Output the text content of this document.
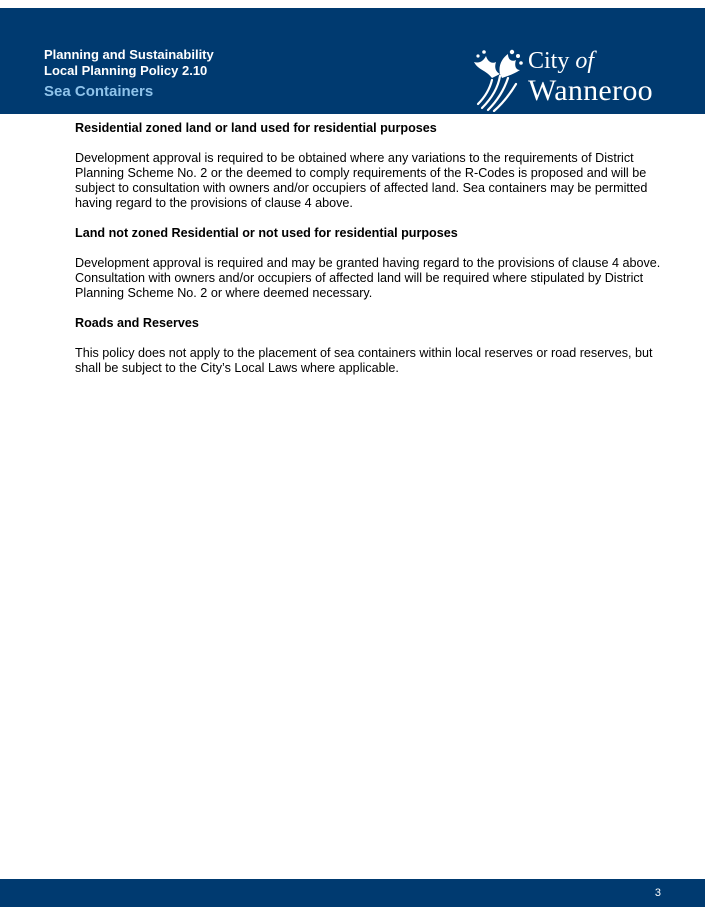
Planning and Sustainability
Local Planning Policy 2.10
Sea Containers
City of
Wanneroo

Residential zoned land or land used for residential purposes

Development approval is required to be obtained where any variations to the requirements of District Planning Scheme No. 2 or the deemed to comply requirements of the R-Codes is proposed and will be subject to consultation with owners and/or occupiers of affected land. Sea containers may be permitted having regard to the provisions of clause 4 above.

Land not zoned Residential or not used for residential purposes

Development approval is required and may be granted having regard to the provisions of clause 4 above. Consultation with owners and/or occupiers of affected land will be required where stipulated by District Planning Scheme No. 2 or where deemed necessary.

Roads and Reserves

This policy does not apply to the placement of sea containers within local reserves or road reserves, but shall be subject to the City’s Local Laws where applicable.

3
